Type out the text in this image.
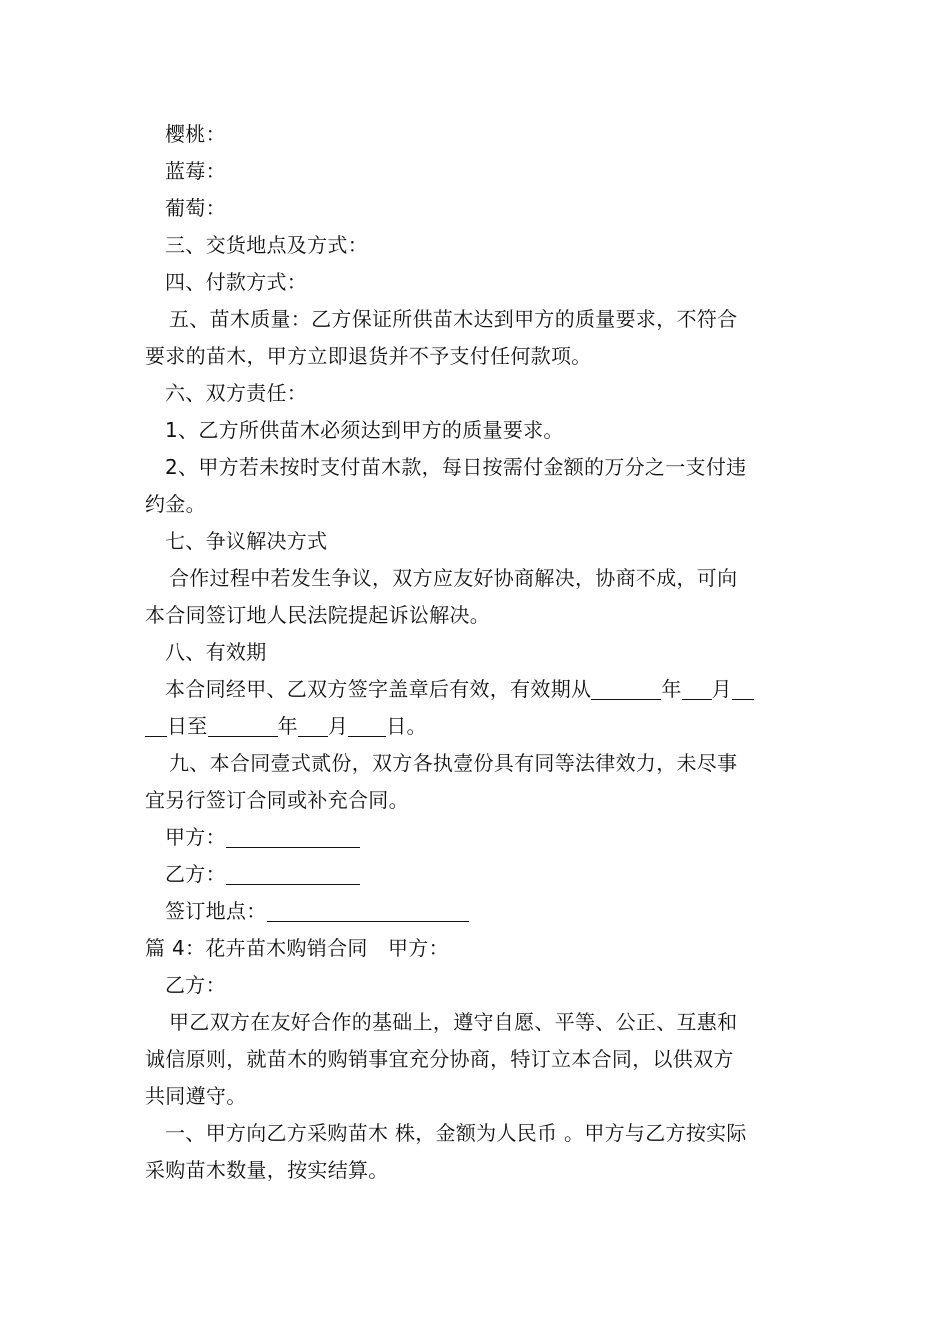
樱桃：
蓝莓：
葡萄：
三、交货地点及方式：
四、付款方式：
五、苗木质量：乙方保证所供苗木达到甲方的质量要求，不符合
要求的苗木，甲方立即退货并不予支付任何款项。
六、双方责任：
1、乙方所供苗木必须达到甲方的质量要求。
2、甲方若未按时支付苗木款，每日按需付金额的万分之一支付违
约金。
七、争议解决方式
合作过程中若发生争议，双方应友好协商解决，协商不成，可向
本合同签订地人民法院提起诉讼解决。
八、有效期
本合同经甲、乙双方签字盖章后有效，有效期从	年 月
日至	年 月 日。
九、本合同壹式贰份，双方各执壹份具有同等法律效力，未尽事
宜另行签订合同或补充合同。
甲方：
乙方：
签订地点：
篇 4：花卉苗木购销合同　甲方：
乙方：
甲乙双方在友好合作的基础上，遵守自愿、平等、公正、互惠和
诚信原则，就苗木的购销事宜充分协商，特订立本合同，以供双方
共同遵守。
一、甲方向乙方采购苗木 株，金额为人民币 。甲方与乙方按实际
采购苗木数量，按实结算。
